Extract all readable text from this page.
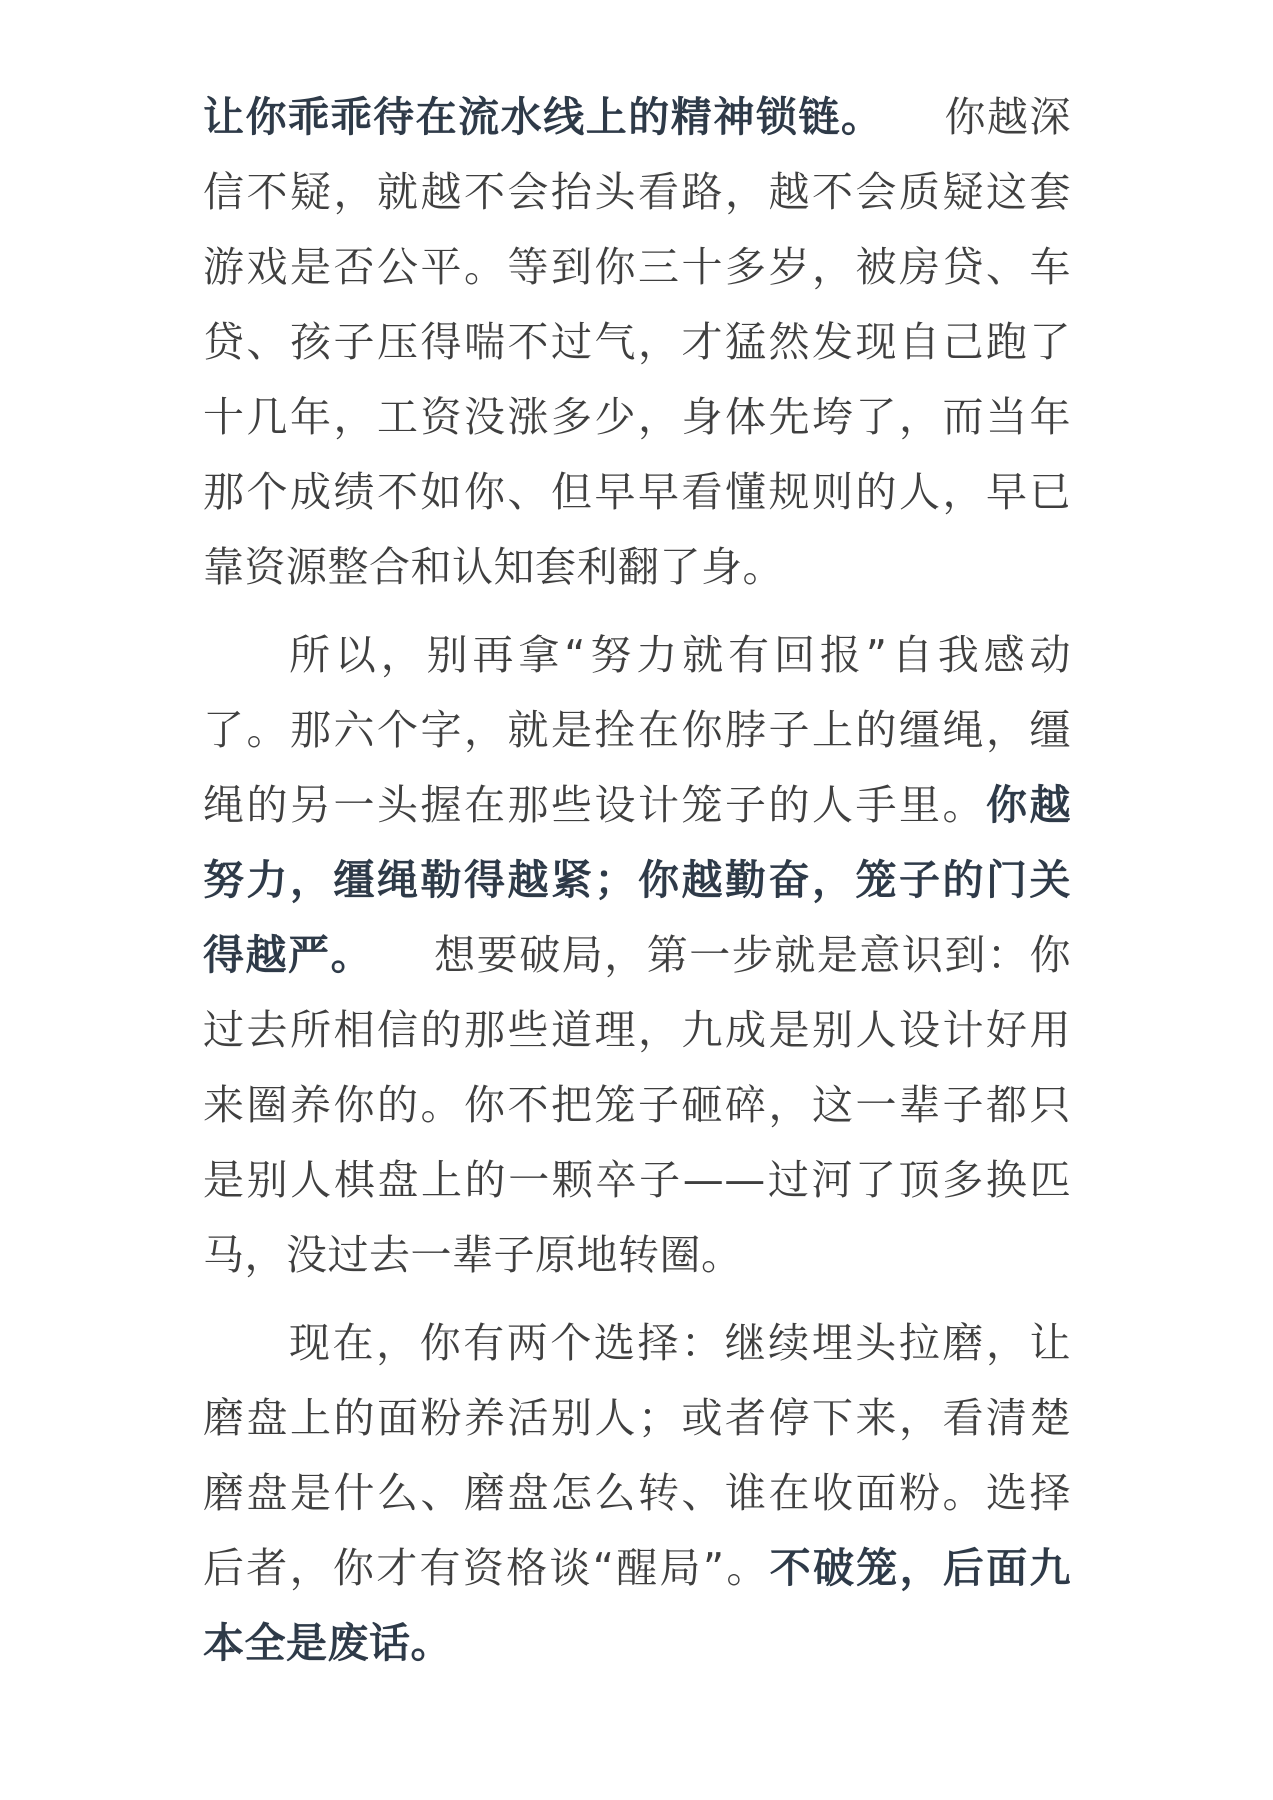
让你乖乖待在流水线上的精神锁链。 你越深信不疑，就越不会抬头看路，越不会质疑这套游戏是否公平。等到你三十多岁，被房贷、车贷、孩子压得喘不过气，才猛然发现自己跑了十几年，工资没涨多少，身体先垮了，而当年那个成绩不如你、但早早看懂规则的人，早已靠资源整合和认知套利翻了身。

所以，别再拿“努力就有回报”自我感动了。那六个字，就是拴在你脖子上的缰绳，缰绳的另一头握在那些设计笼子的人手里。你越努力，缰绳勒得越紧；你越勤奋，笼子的门关得越严。 想要破局，第一步就是意识到：你过去所相信的那些道理，九成是别人设计好用来圈养你的。你不把笼子砸碎，这一辈子都只是别人棋盘上的一颗卒子——过河了顶多换匹马，没过去一辈子原地转圈。

现在，你有两个选择：继续埋头拉磨，让磨盘上的面粉养活别人；或者停下来，看清楚磨盘是什么、磨盘怎么转、谁在收面粉。选择后者，你才有资格谈“醒局”。不破笼，后面九本全是废话。
